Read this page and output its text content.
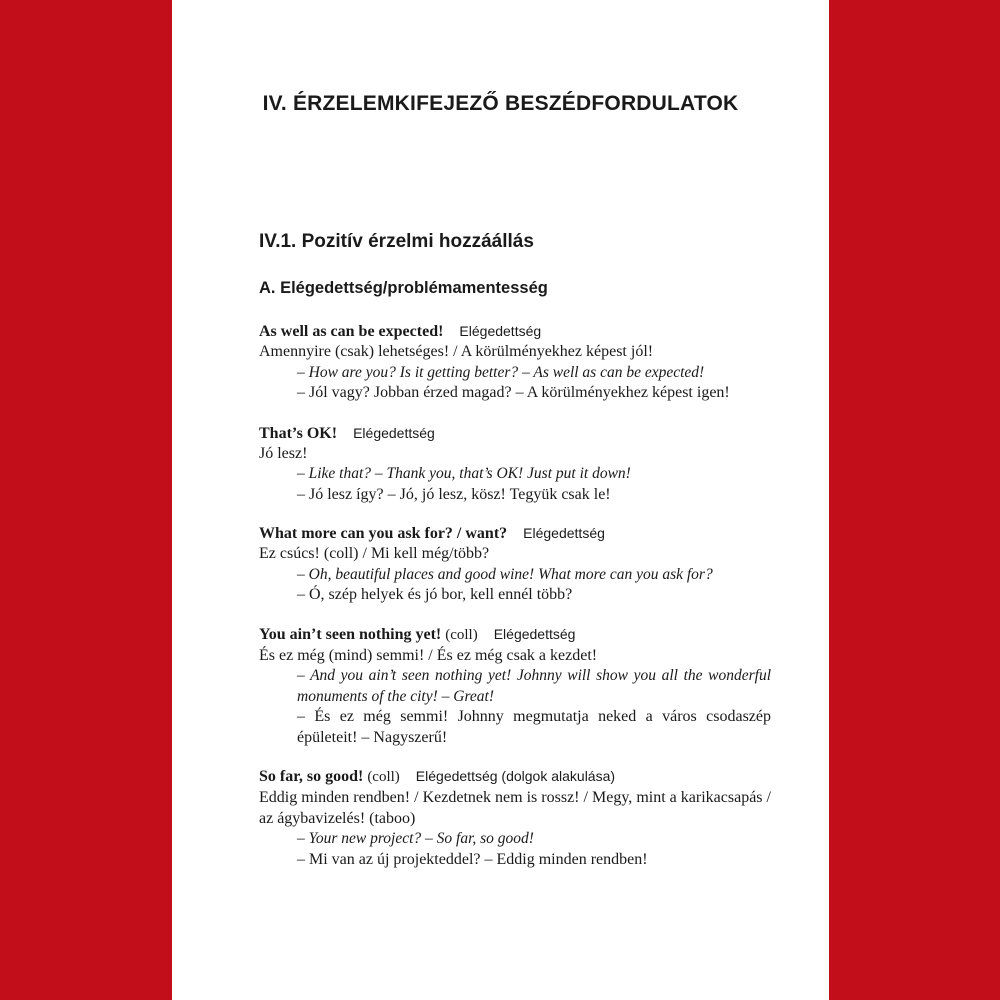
IV. ÉRZELEMKIFEJEZŐ BESZÉDFORDULATOK
IV.1. Pozitív érzelmi hozzáállás
A. Elégedettség/problémamentesség
As well as can be expected! Elégedettség

Amennyire (csak) lehetséges! / A körülményekhez képest jól!

– How are you? Is it getting better? – As well as can be expected!

– Jól vagy? Jobban érzed magad? – A körülményekhez képest igen!

That’s OK! Elégedettség

Jó lesz!

– Like that? – Thank you, that’s OK! Just put it down!

– Jó lesz így? – Jó, jó lesz, kösz! Tegyük csak le!

What more can you ask for? / want? Elégedettség

Ez csúcs! (coll) / Mi kell még/több?

– Oh, beautiful places and good wine! What more can you ask for?

– Ó, szép helyek és jó bor, kell ennél több?

You ain’t seen nothing yet! (coll) Elégedettség

És ez még (mind) semmi! / És ez még csak a kezdet!

– And you ain’t seen nothing yet! Johnny will show you all the wonderful monuments of the city! – Great!

– És ez még semmi! Johnny megmutatja neked a város csodaszép épületeit! – Nagyszerű!

So far, so good! (coll) Elégedettség (dolgok alakulása)

Eddig minden rendben! / Kezdetnek nem is rossz! / Megy, mint a karikacsapás / az ágybavizelés! (taboo)

– Your new project? – So far, so good!

– Mi van az új projekteddel? – Eddig minden rendben!
